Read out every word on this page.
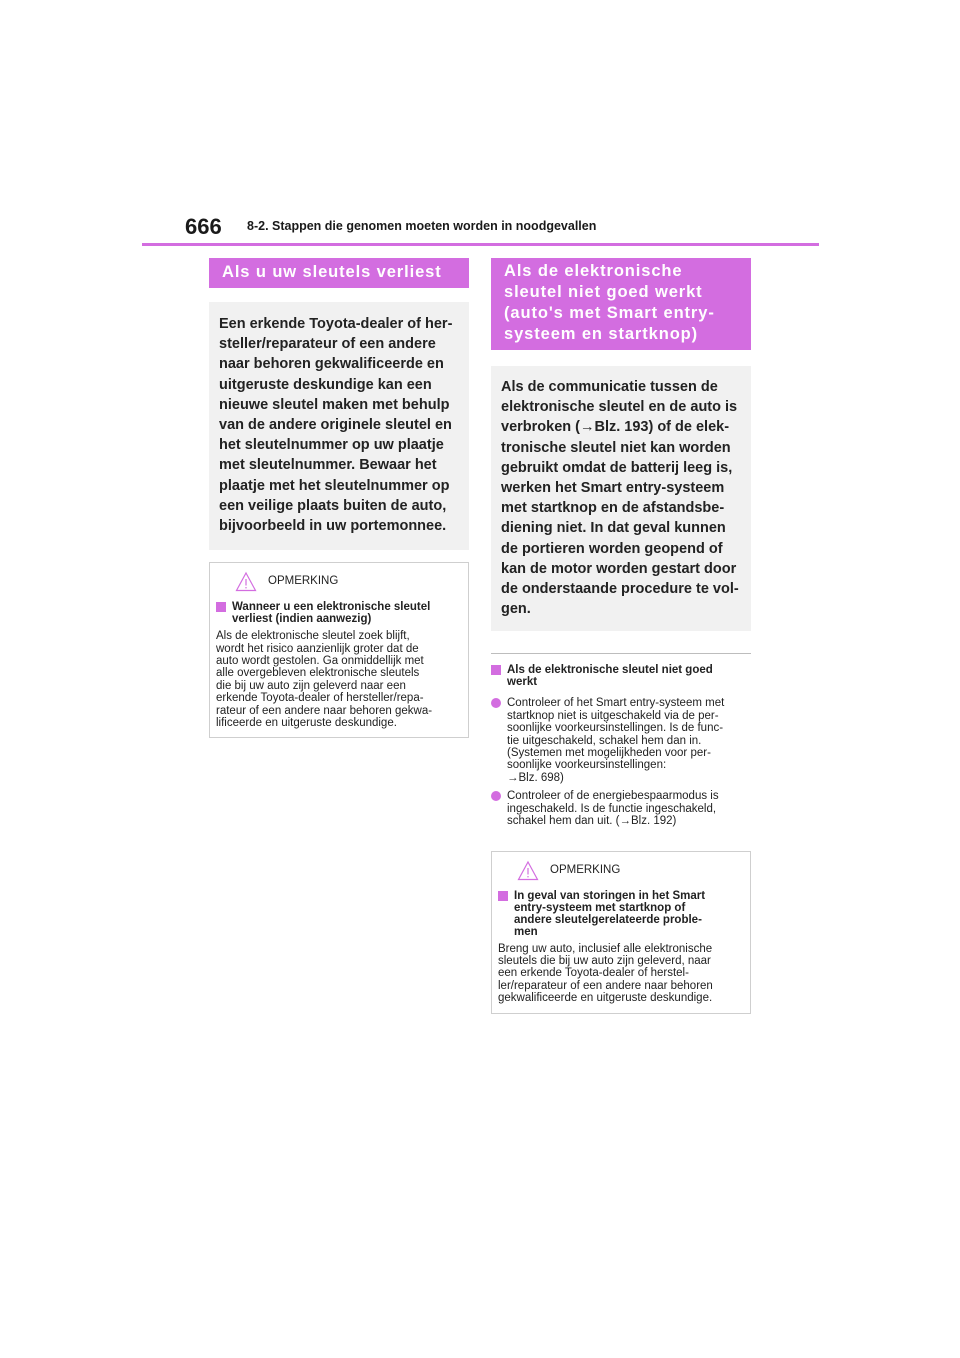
666 8-2. Stappen die genomen moeten worden in noodgevallen
Als u uw sleutels verliest
Een erkende Toyota-dealer of her-
steller/reparateur of een andere
naar behoren gekwalificeerde en
uitgeruste deskundige kan een
nieuwe sleutel maken met behulp
van de andere originele sleutel en
het sleutelnummer op uw plaatje
met sleutelnummer. Bewaar het
plaatje met het sleutelnummer op
een veilige plaats buiten de auto,
bijvoorbeeld in uw portemonnee.
OPMERKING
Wanneer u een elektronische sleutel
verliest (indien aanwezig)
Als de elektronische sleutel zoek blijft,
wordt het risico aanzienlijk groter dat de
auto wordt gestolen. Ga onmiddellijk met
alle overgebleven elektronische sleutels
die bij uw auto zijn geleverd naar een
erkende Toyota-dealer of hersteller/repa-
rateur of een andere naar behoren gekwa-
lificeerde en uitgeruste deskundige.
Als de elektronische
sleutel niet goed werkt
(auto's met Smart entry-
systeem en startknop)
Als de communicatie tussen de
elektronische sleutel en de auto is
verbroken (→Blz. 193) of de elek-
tronische sleutel niet kan worden
gebruikt omdat de batterij leeg is,
werken het Smart entry-systeem
met startknop en de afstandsbe-
diening niet. In dat geval kunnen
de portieren worden geopend of
kan de motor worden gestart door
de onderstaande procedure te vol-
gen.
Als de elektronische sleutel niet goed
werkt
Controleer of het Smart entry-systeem met
startknop niet is uitgeschakeld via de per-
soonlijke voorkeursinstellingen. Is de func-
tie uitgeschakeld, schakel hem dan in.
(Systemen met mogelijkheden voor per-
soonlijke voorkeursinstellingen:
→Blz. 698)
Controleer of de energiebespaarmodus is
ingeschakeld. Is de functie ingeschakeld,
schakel hem dan uit. (→Blz. 192)
OPMERKING
In geval van storingen in het Smart
entry-systeem met startknop of
andere sleutelgerelateerde proble-
men
Breng uw auto, inclusief alle elektronische
sleutels die bij uw auto zijn geleverd, naar
een erkende Toyota-dealer of herstel-
ler/reparateur of een andere naar behoren
gekwalificeerde en uitgeruste deskundige.
